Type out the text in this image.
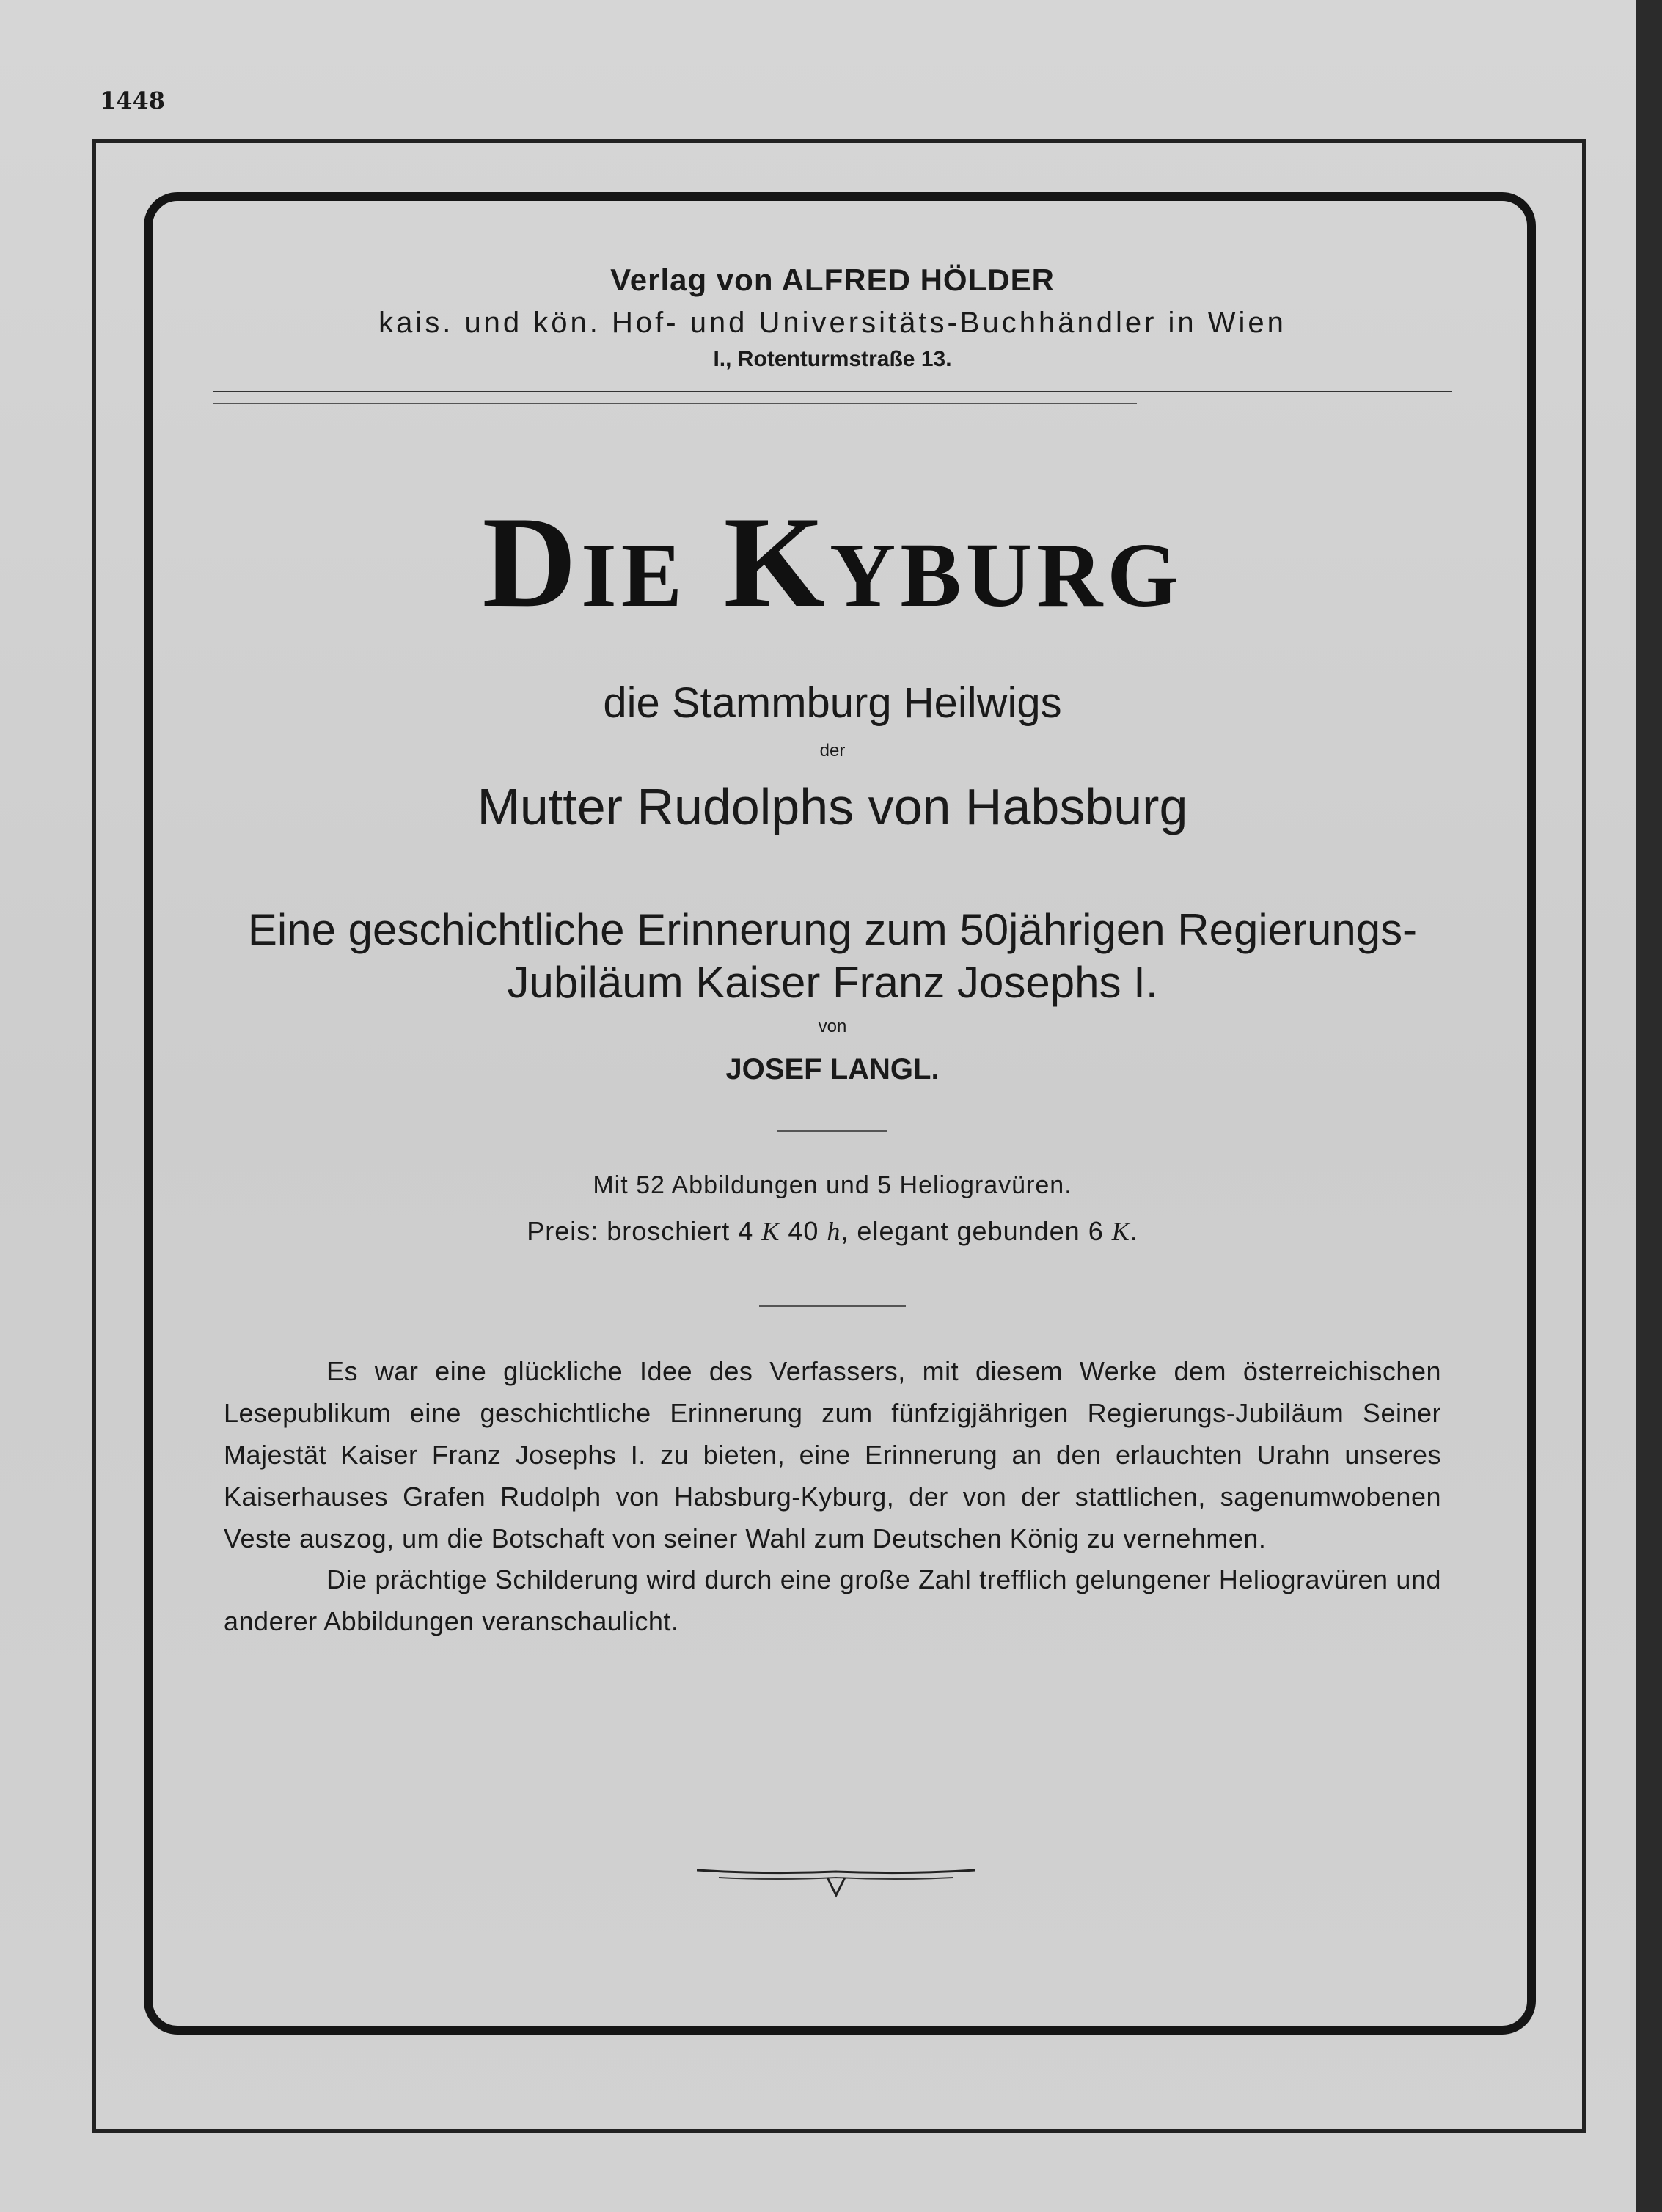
1448
Verlag von ALFRED HÖLDER
kais. und kön. Hof- und Universitäts-Buchhändler in Wien
I., Rotenturmstraße 13.
Die Kyburg
die Stammburg Heilwigs
der
Mutter Rudolphs von Habsburg
Eine geschichtliche Erinnerung zum 50jährigen Regierungs-
Jubiläum Kaiser Franz Josephs I.
von
JOSEF LANGL.
Mit 52 Abbildungen und 5 Heliogravüren.
Preis: broschiert 4 K 40 h, elegant gebunden 6 K.

Es war eine glückliche Idee des Verfassers, mit diesem Werke dem österreichischen Lesepublikum eine geschichtliche Erinnerung zum fünfzigjährigen Regierungs-Jubiläum Seiner Majestät Kaiser Franz Josephs I. zu bieten, eine Erinnerung an den erlauchten Urahn unseres Kaiserhauses Grafen Rudolph von Habsburg-Kyburg, der von der stattlichen, sagenumwobenen Veste auszog, um die Botschaft von seiner Wahl zum Deutschen König zu vernehmen.

Die prächtige Schilderung wird durch eine große Zahl trefflich gelungener Heliogravüren und anderer Abbildungen veranschaulicht.
